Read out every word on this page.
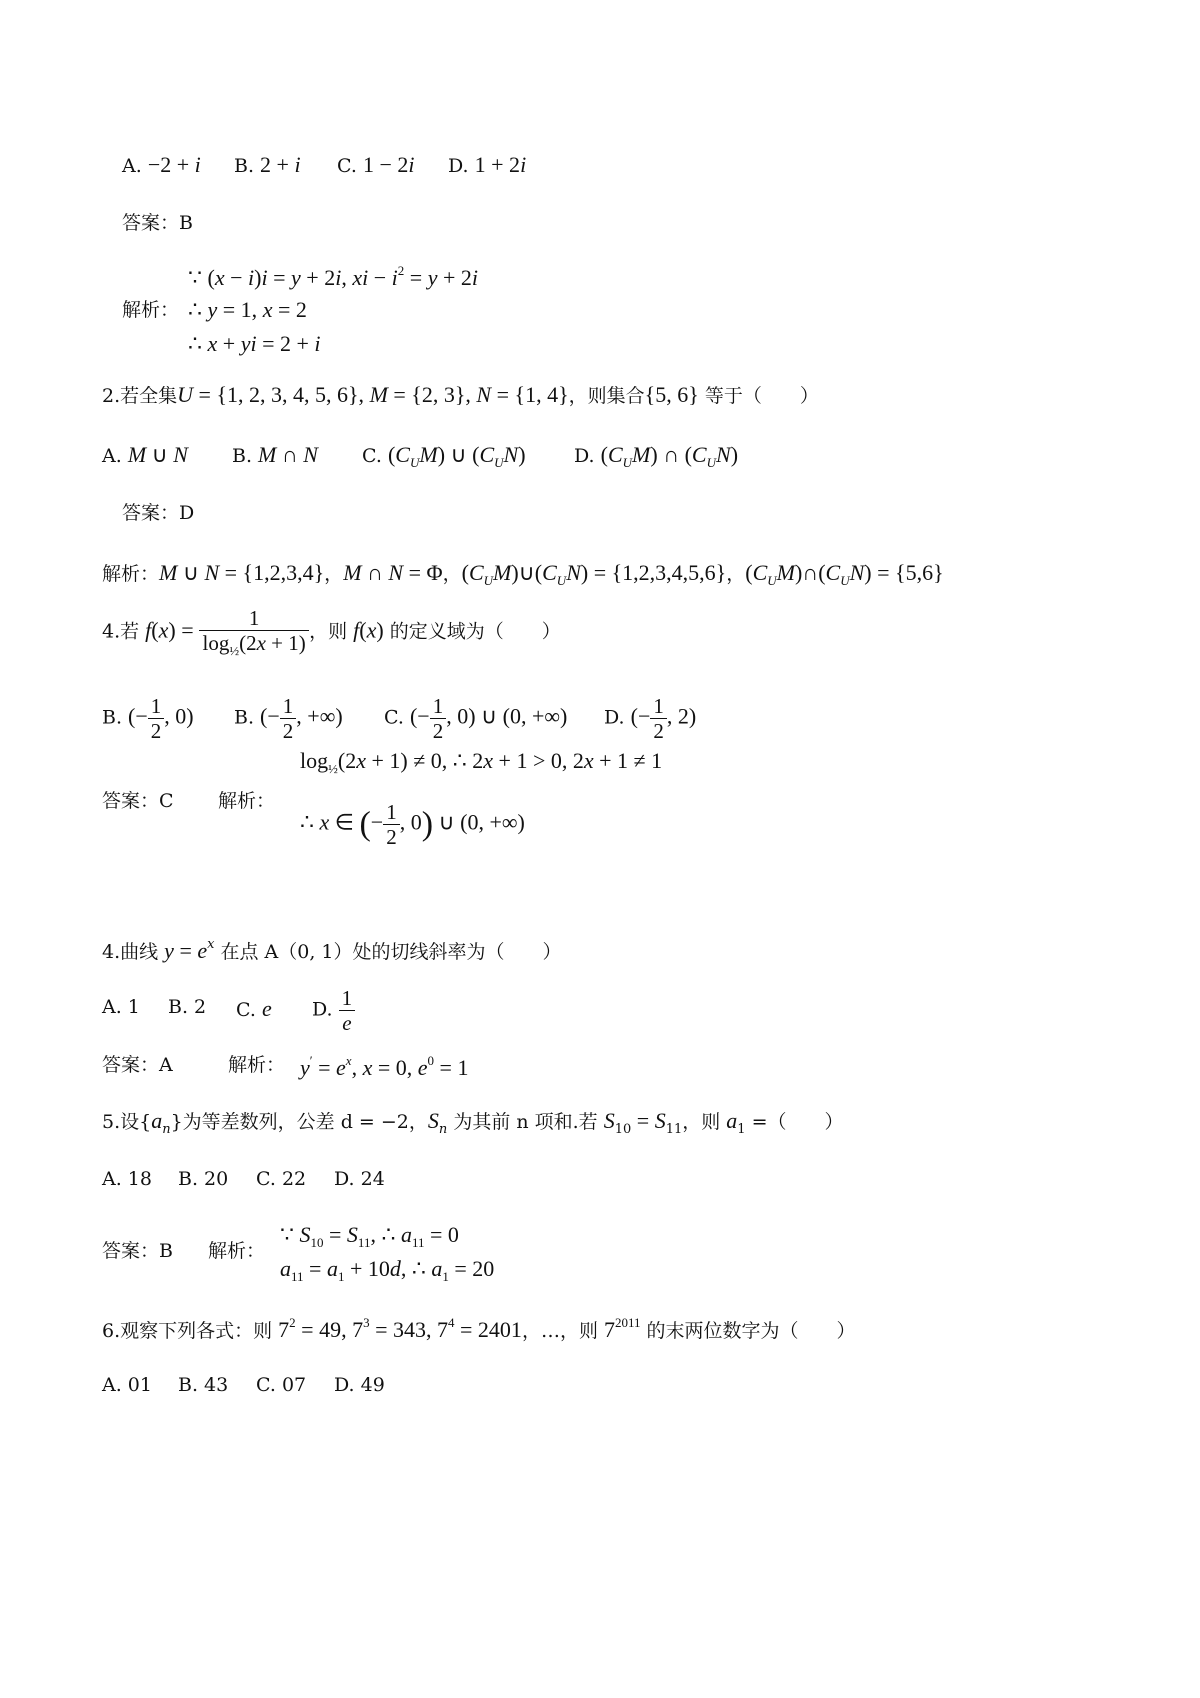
A. −2 + i B. 2 + i C. 1 − 2i D. 1 + 2i
答案：B
∵ (x − i)i = y + 2i, xi − $i^2 = y + 2i$
解析： ∴ y = 1, x = 2
∴ x + yi = 2 + i
2.若全集U = {1, 2, 3, 4, 5, 6}, M = {2, 3}, N = {1, 4}，则集合{5, 6} 等于（　　）
A. M ∪ N B. M ∩ N C. $(C_UM)$ ∪ $(C_UN)$	D. $(C_UM)$ ∩ $(C_UN)$
答案：D
解析：M ∪ N = {1,2,3,4}，M ∩ N = Φ，$(C_UM)\cup(C_UN) = \{1,2,3,4,5,6\}$，$(C_UM)\cap(C_UN) = \{5,6\}$
4.若 $f(x) = \frac{1}{\log_{\frac{1}{2}}(2x + 1)}$ ，则 f(x) 的定义域为（　　）
B. (− $\frac{1}{2}$ , 0) B. (− $\frac{1}{2}$ , +∞) C. (− $\frac{1}{2}$ , 0) ∪ (0, +∞) D. (− $\frac{1}{2}$ , 2)
$\log_{\frac{1}{2}}(2x + 1) \ne 0$, ∴ 2x + 1 > 0, 2x + 1 ≠ 1
答案：C 解析：
∴ x ∈ (− $\frac{1}{2}$ , 0) ∪ (0, +∞)
4.曲线 $y = e^x$ 在点 A（0, 1）处的切线斜率为（　　）
A. 1 B. 2 C. e D. $\frac{1}{e}$
答案：A	解析： $y' = e^x$, x = 0, $e^0 = 1$
5.设$\{a_n\}$为等差数列，公差 d = −2，$S_n$ 为其前 n 项和.若 $S_{10} = S_{11}$，则 $a_1$ =（　　）
A. 18 B. 20 C. 22 D. 24
∵ $S_{10} = S_{11}$, ∴ $a_{11} = 0$
答案：B 解析：
$a_{11} = a_1 + 10d$, ∴ $a_1 = 20$
6.观察下列各式：则 $7^2 = 49$, $7^3 = 343$, $7^4 = 2401$，…，则 $7^{2011}$ 的末两位数字为（　　）
A. 01 B. 43 C. 07 D. 49
